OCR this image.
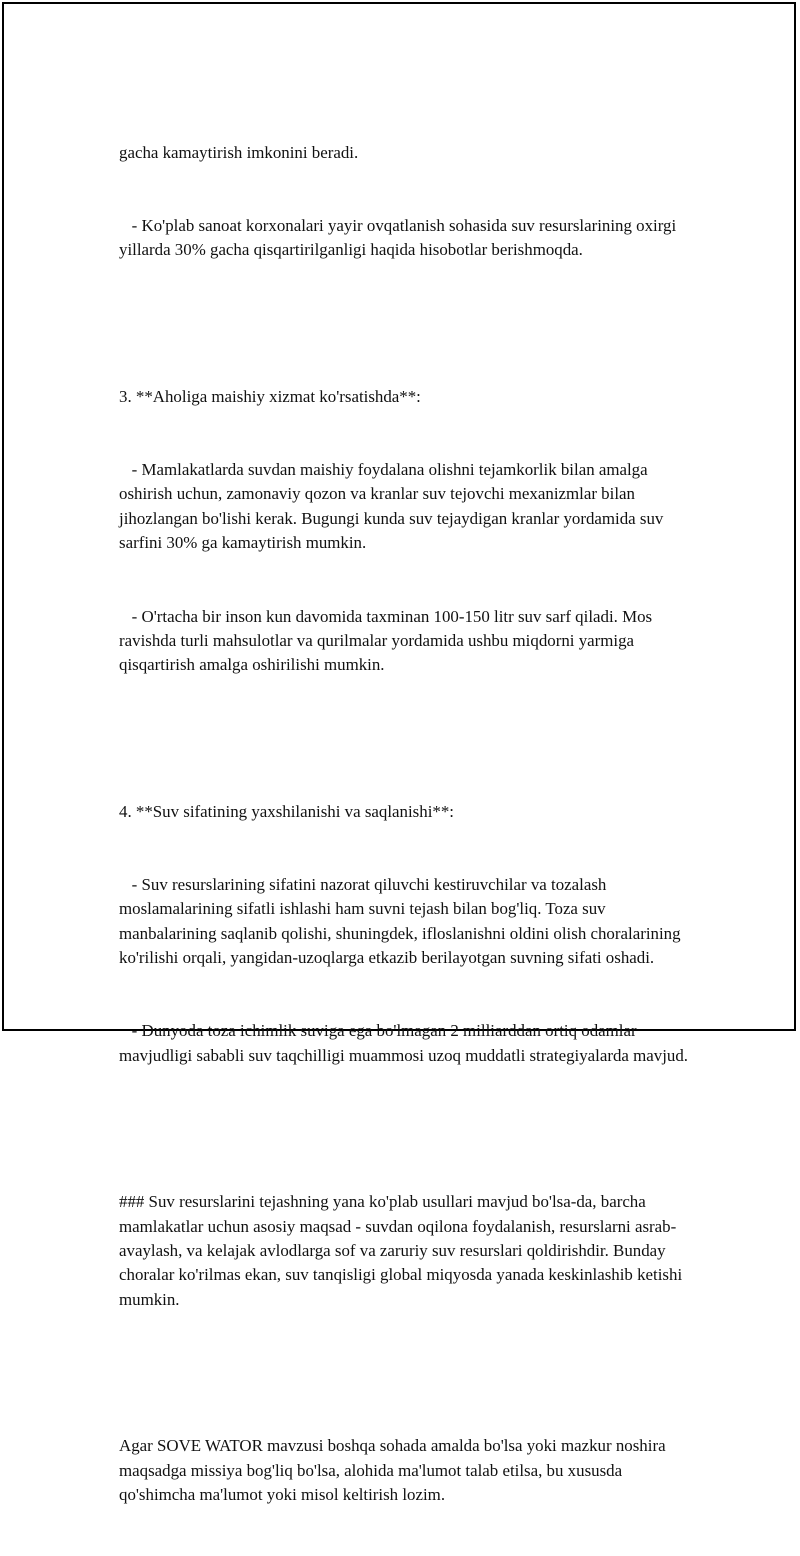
gacha kamaytirish imkonini beradi.

- Ko'plab sanoat korxonalari yayir ovqatlanish sohasida suv resurslarining oxirgi yillarda 30% gacha qisqartirilganligi haqida hisobotlar berishmoqda.

3. **Aholiga maishiy xizmat ko'rsatishda**:

- Mamlakatlarda suvdan maishiy foydalana olishni tejamkorlik bilan amalga oshirish uchun, zamonaviy qozon va kranlar suv tejovchi mexanizmlar bilan jihozlangan bo'lishi kerak. Bugungi kunda suv tejaydigan kranlar yordamida suv sarfini 30% ga kamaytirish mumkin.

- O'rtacha bir inson kun davomida taxminan 100-150 litr suv sarf qiladi. Mos ravishda turli mahsulotlar va qurilmalar yordamida ushbu miqdorni yarmiga qisqartirish amalga oshirilishi mumkin.

4. **Suv sifatining yaxshilanishi va saqlanishi**:

- Suv resurslarining sifatini nazorat qiluvchi kestiruvchilar va tozalash moslamalarining sifatli ishlashi ham suvni tejash bilan bog'liq. Toza suv manbalarining saqlanib qolishi, shuningdek, ifloslanishni oldini olish choralarining ko'rilishi orqali, yangidan-uzoqlarga etkazib berilayotgan suvning sifati oshadi.

- Dunyoda toza ichimlik suviga ega bo'lmagan 2 milliarddan ortiq odamlar mavjudligi sababli suv taqchilligi muammosi uzoq muddatli strategiyalarda mavjud.

### Suv resurslarini tejashning yana ko'plab usullari mavjud bo'lsa-da, barcha mamlakatlar uchun asosiy maqsad - suvdan oqilona foydalanish, resurslarni asrab-avaylash, va kelajak avlodlarga sof va zaruriy suv resurslari qoldirishdir. Bunday choralar ko'rilmas ekan, suv tanqisligi global miqyosda yanada keskinlashib ketishi mumkin.

Agar SOVE WATOR mavzusi boshqa sohada amalda bo'lsa yoki mazkur noshira maqsadga missiya bog'liq bo'lsa, alohida ma'lumot talab etilsa, bu xususda qo'shimcha ma'lumot yoki misol keltirish lozim.
